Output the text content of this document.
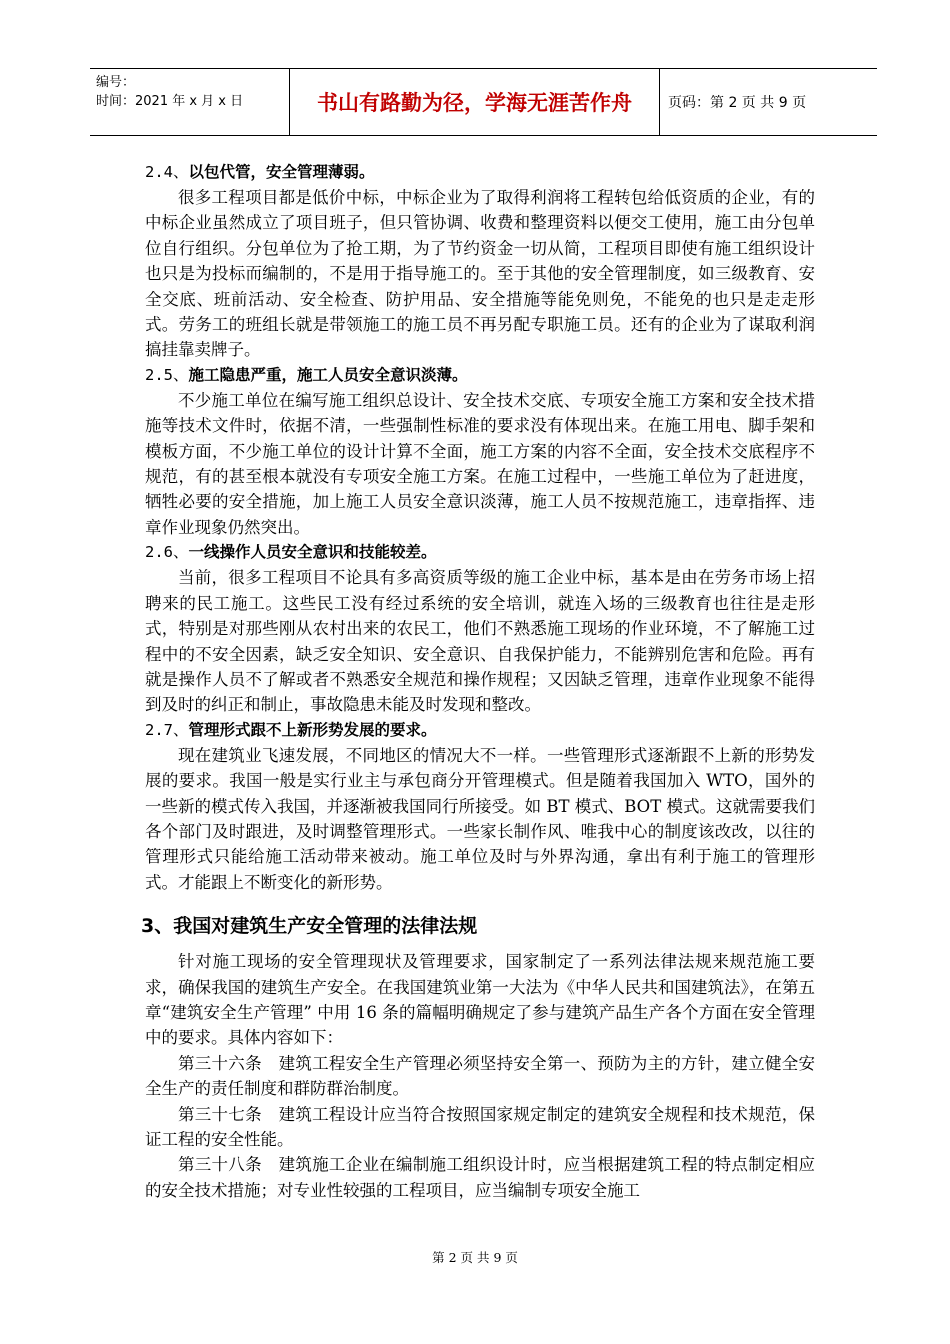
编号：
时间：2021 年 x 月 x 日	书山有路勤为径，学海无涯苦作舟	页码：第 2 页 共 9 页

2.4、以包代管，安全管理薄弱。

很多工程项目都是低价中标，中标企业为了取得利润将工程转包给低资质的企业，有的中标企业虽然成立了项目班子，但只管协调、收费和整理资料以便交工使用，施工由分包单位自行组织。分包单位为了抢工期，为了节约资金一切从简，工程项目即使有施工组织设计也只是为投标而编制的，不是用于指导施工的。至于其他的安全管理制度，如三级教育、安全交底、班前活动、安全检查、防护用品、安全措施等能免则免，不能免的也只是走走形式。劳务工的班组长就是带领施工的施工员不再另配专职施工员。还有的企业为了谋取利润搞挂靠卖牌子。

2.5、施工隐患严重，施工人员安全意识淡薄。

不少施工单位在编写施工组织总设计、安全技术交底、专项安全施工方案和安全技术措施等技术文件时，依据不清，一些强制性标准的要求没有体现出来。在施工用电、脚手架和模板方面，不少施工单位的设计计算不全面，施工方案的内容不全面，安全技术交底程序不规范，有的甚至根本就没有专项安全施工方案。在施工过程中，一些施工单位为了赶进度，牺牲必要的安全措施，加上施工人员安全意识淡薄，施工人员不按规范施工，违章指挥、违章作业现象仍然突出。

2.6、一线操作人员安全意识和技能较差。

当前，很多工程项目不论具有多高资质等级的施工企业中标，基本是由在劳务市场上招聘来的民工施工。这些民工没有经过系统的安全培训，就连入场的三级教育也往往是走形式，特别是对那些刚从农村出来的农民工，他们不熟悉施工现场的作业环境，不了解施工过程中的不安全因素，缺乏安全知识、安全意识、自我保护能力，不能辨别危害和危险。再有就是操作人员不了解或者不熟悉安全规范和操作规程；又因缺乏管理，违章作业现象不能得到及时的纠正和制止，事故隐患未能及时发现和整改。

2.7、管理形式跟不上新形势发展的要求。

现在建筑业飞速发展，不同地区的情况大不一样。一些管理形式逐渐跟不上新的形势发展的要求。我国一般是实行业主与承包商分开管理模式。但是随着我国加入 WTO，国外的一些新的模式传入我国，并逐渐被我国同行所接受。如 BT 模式、BOT 模式。这就需要我们各个部门及时跟进，及时调整管理形式。一些家长制作风、唯我中心的制度该改改，以往的管理形式只能给施工活动带来被动。施工单位及时与外界沟通，拿出有利于施工的管理形式。才能跟上不断变化的新形势。

3、我国对建筑生产安全管理的法律法规

针对施工现场的安全管理现状及管理要求，国家制定了一系列法律法规来规范施工要求，确保我国的建筑生产安全。在我国建筑业第一大法为《中华人民共和国建筑法》，在第五章“建筑安全生产管理” 中用 16 条的篇幅明确规定了参与建筑产品生产各个方面在安全管理中的要求。具体内容如下：

第三十六条　建筑工程安全生产管理必须坚持安全第一、预防为主的方针，建立健全安全生产的责任制度和群防群治制度。

第三十七条　建筑工程设计应当符合按照国家规定制定的建筑安全规程和技术规范，保证工程的安全性能。

第三十八条　建筑施工企业在编制施工组织设计时，应当根据建筑工程的特点制定相应的安全技术措施；对专业性较强的工程项目，应当编制专项安全施工

第 2 页 共 9 页
